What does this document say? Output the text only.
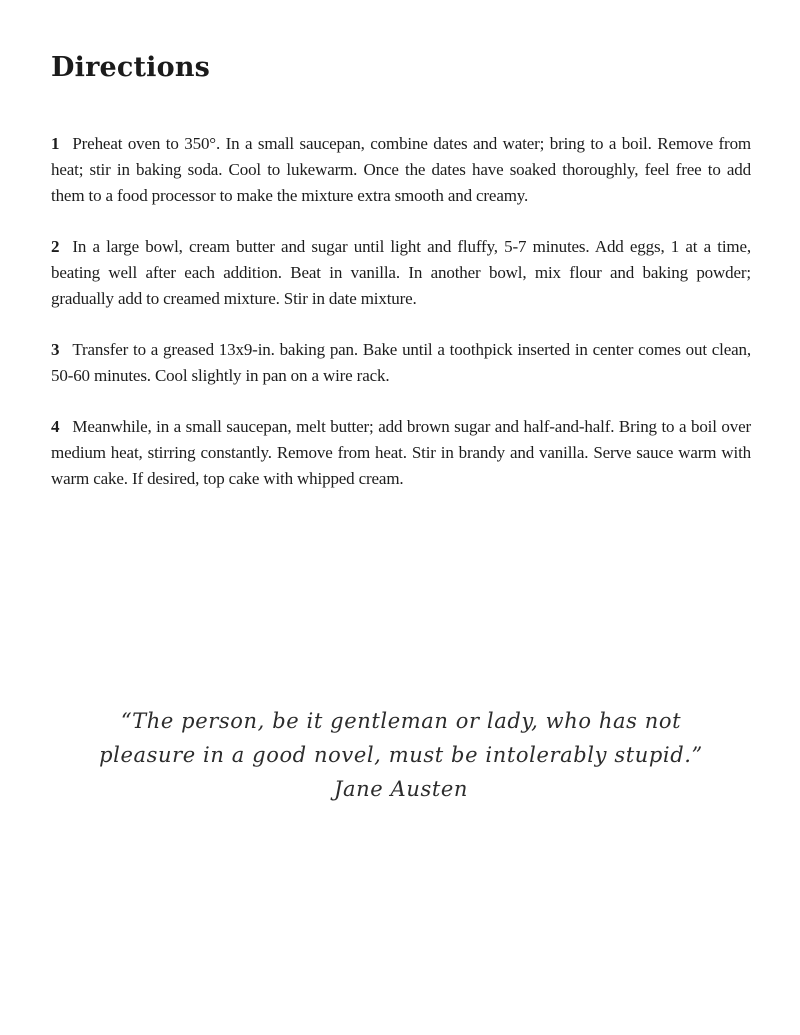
Directions

1 Preheat oven to 350°. In a small saucepan, combine dates and water; bring to a boil. Remove from heat; stir in baking soda. Cool to lukewarm. Once the dates have soaked thoroughly, feel free to add them to a food processor to make the mixture extra smooth and creamy.

2 In a large bowl, cream butter and sugar until light and fluffy, 5-7 minutes. Add eggs, 1 at a time, beating well after each addition. Beat in vanilla. In another bowl, mix flour and baking powder; gradually add to creamed mixture. Stir in date mixture.

3 Transfer to a greased 13x9-in. baking pan. Bake until a toothpick inserted in center comes out clean, 50-60 minutes. Cool slightly in pan on a wire rack.

4 Meanwhile, in a small saucepan, melt butter; add brown sugar and half-and-half. Bring to a boil over medium heat, stirring constantly. Remove from heat. Stir in brandy and vanilla. Serve sauce warm with warm cake. If desired, top cake with whipped cream.

“The person, be it gentleman or lady, who has not
pleasure in a good novel, must be intolerably stupid.”
Jane Austen
